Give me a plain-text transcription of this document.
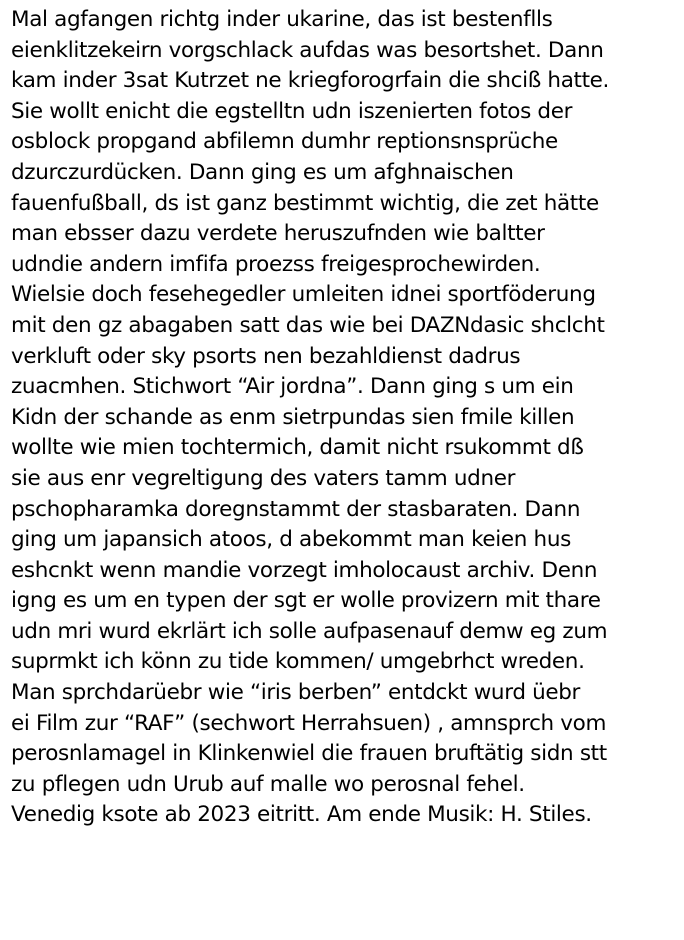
Mal agfangen richtg inder ukarine, das ist bestenflls
eienklitzekeirn vorgschlack aufdas was besortshet. Dann
kam inder 3sat Kutrzet ne kriegforogrfain die shciß hatte.
Sie wollt enicht die egstelltn udn iszenierten fotos der
osblock propgand abfilemn dumhr reptionsnsprüche
dzurczurdücken. Dann ging es um afghnaischen
fauenfußball, ds ist ganz bestimmt wichtig, die zet hätte
man ebsser dazu verdete heruszufnden wie baltter
udndie andern imfifa proezss freigesprochewirden.
Wielsie doch fesehegedler umleiten idnei sportföderung
mit den gz abagaben satt das wie bei DAZNdasic shclcht
verkluft oder sky psorts nen bezahldienst dadrus
zuacmhen. Stichwort “Air jordna”. Dann ging s um ein
Kidn der schande as enm sietrpundas sien fmile killen
wollte wie mien tochtermich, damit nicht rsukommt dß
sie aus enr vegreltigung des vaters tamm udner
pschopharamka doregnstammt der stasbaraten. Dann
ging um japansich atoos, d abekommt man keien hus
eshcnkt wenn mandie vorzegt imholocaust archiv. Denn
igng es um en typen der sgt er wolle provizern mit thare
udn mri wurd ekrlärt ich solle aufpasenauf demw eg zum
suprmkt ich könn zu tide kommen/ umgebrhct wreden.
Man sprchdarüebr wie “iris berben” entdckt wurd üebr
ei Film zur “RAF” (sechwort Herrahsuen) , amnsprch vom
perosnlamagel in Klinkenwiel die frauen bruftätig sidn stt
zu pflegen udn Urub auf malle wo perosnal fehel.
Venedig ksote ab 2023 eitritt. Am ende Musik: H. Stiles.
